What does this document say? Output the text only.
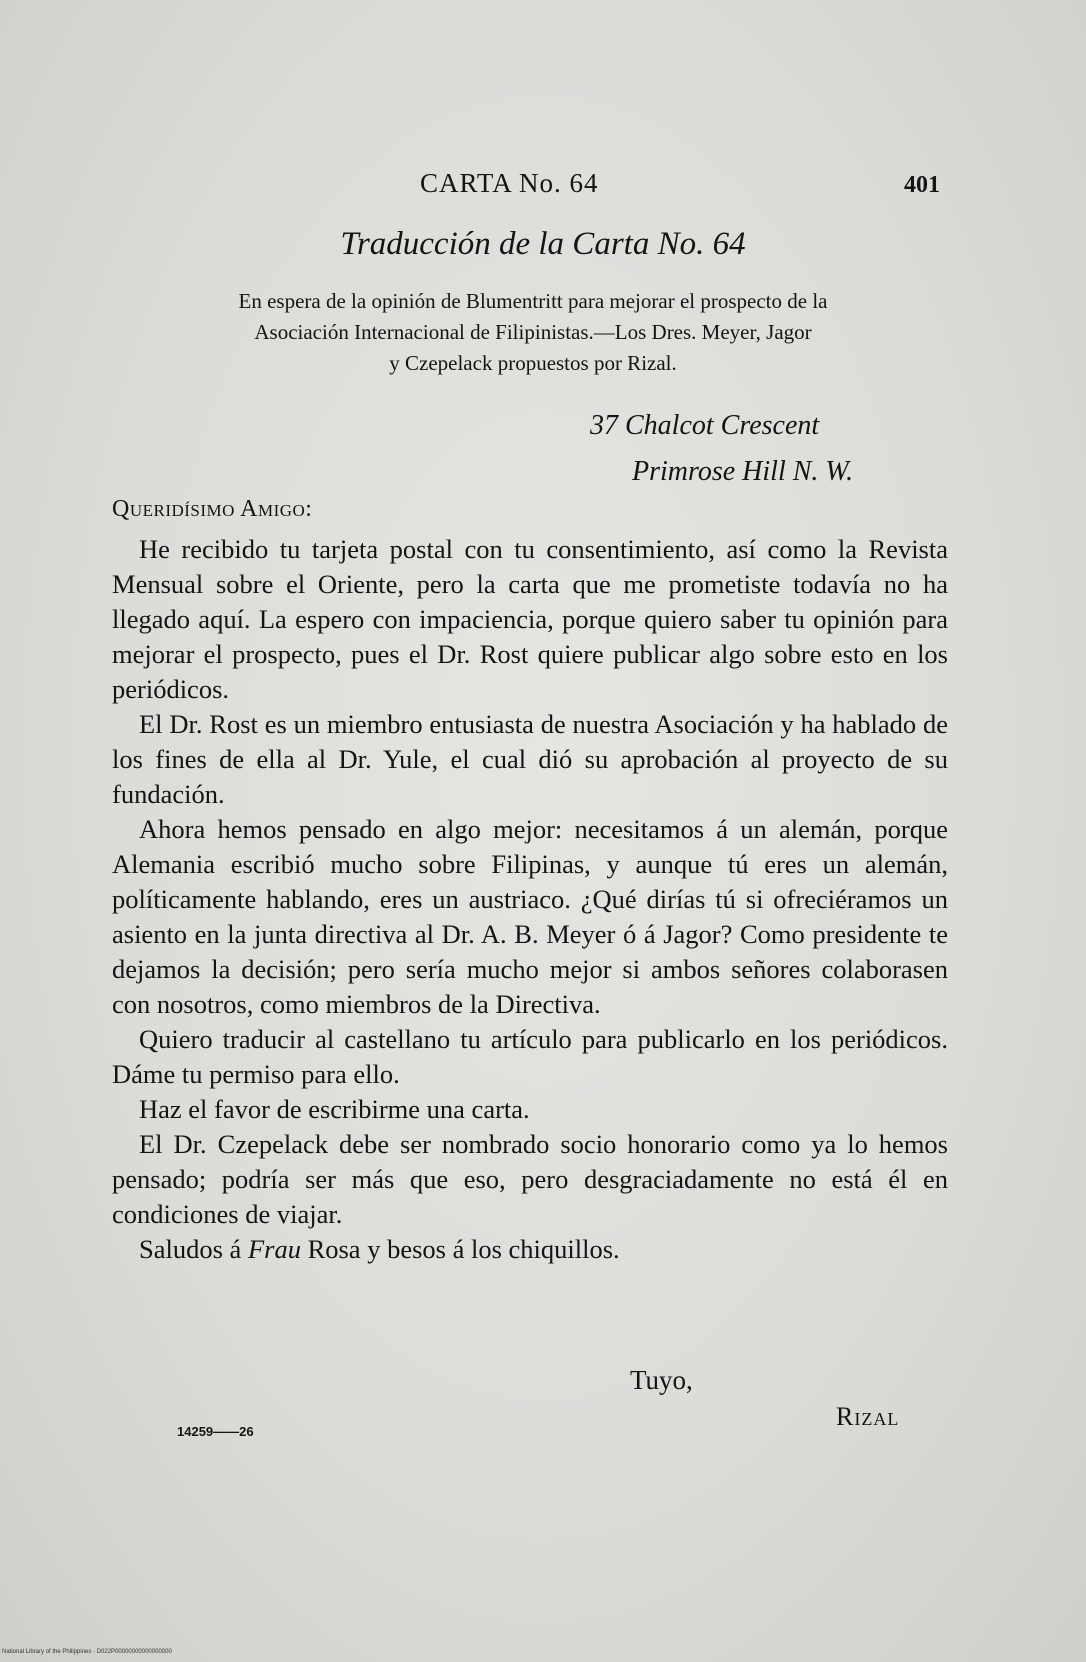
CARTA No. 64	401
Traducción de la Carta No. 64
En espera de la opinión de Blumentritt para mejorar el prospecto de la
Asociación Internacional de Filipinistas.—Los Dres. Meyer, Jagor
y Czepelack propuestos por Rizal.
37 Chalcot Crescent
Primrose Hill N. W.
Queridísimo Amigo:

He recibido tu tarjeta postal con tu consentimiento, así como la Revista Mensual sobre el Oriente, pero la carta que me prometiste todavía no ha llegado aquí. La espero con impaciencia, porque quiero saber tu opinión para mejorar el prospecto, pues el Dr. Rost quiere publicar algo sobre esto en los periódicos.

El Dr. Rost es un miembro entusiasta de nuestra Asociación y ha hablado de los fines de ella al Dr. Yule, el cual dió su aprobación al proyecto de su fundación.

Ahora hemos pensado en algo mejor: necesitamos á un alemán, porque Alemania escribió mucho sobre Filipinas, y aunque tú eres un alemán, políticamente hablando, eres un austriaco. ¿Qué dirías tú si ofreciéramos un asiento en la junta directiva al Dr. A. B. Meyer ó á Jagor? Como presidente te dejamos la decisión; pero sería mucho mejor si ambos señores colaborasen con nosotros, como miembros de la Directiva.

Quiero traducir al castellano tu artículo para publicarlo en los periódicos. Dáme tu permiso para ello.

Haz el favor de escribirme una carta.

El Dr. Czepelack debe ser nombrado socio honorario como ya lo hemos pensado; podría ser más que eso, pero desgraciadamente no está él en condiciones de viajar.

Saludos á Frau Rosa y besos á los chiquillos.

Tuyo,
Rizal
14259——26
National Library of the Philippines · D022P00000000000000000
